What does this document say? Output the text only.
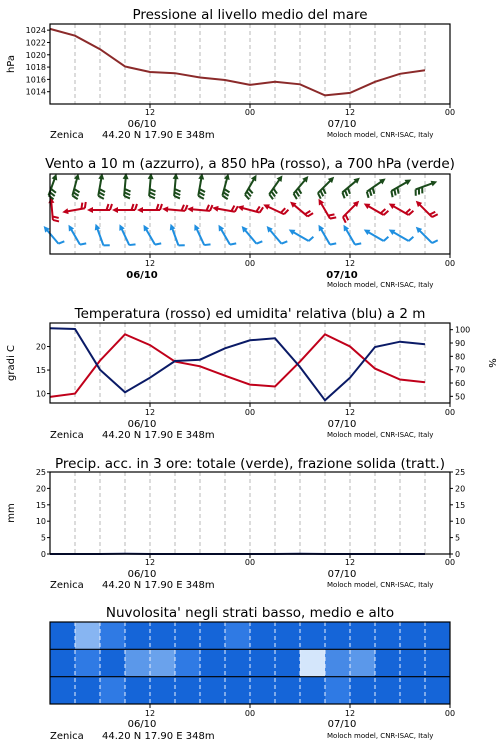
12	00	12	00
06/10	07/10
Zenica 44.20 N 17.90 E 348m	Moloch model, CNR-ISAC, Italy
Pressione al livello medio del mare
1014
1016
1018
1020
1022
1024
hPa
12	00	12	00
06/10	07/10
Moloch model, CNR-ISAC, Italy
Vento a 10 m (azzurro), a 850 hPa (rosso), a 700 hPa (verde)
12	00	12	00
06/10	07/10
Zenica 44.20 N 17.90 E 348m	Moloch model, CNR-ISAC, Italy
Temperatura (rosso) ed umidita' relativa (blu) a 2 m
10
15
20
50
60
70
80
90
100
gradi C	%
12	00	12	00
06/10	07/10
Zenica 44.20 N 17.90 E 348m	Moloch model, CNR-ISAC, Italy
Precip. acc. in 3 ore: totale (verde), frazione solida (tratt.)
0
5
10
15
20
25
0
5
10
15
20
25
mm
12	00	12	00
06/10	07/10
Zenica 44.20 N 17.90 E 348m	Moloch model, CNR-ISAC, Italy
Nuvolosita' negli strati basso, medio e alto
